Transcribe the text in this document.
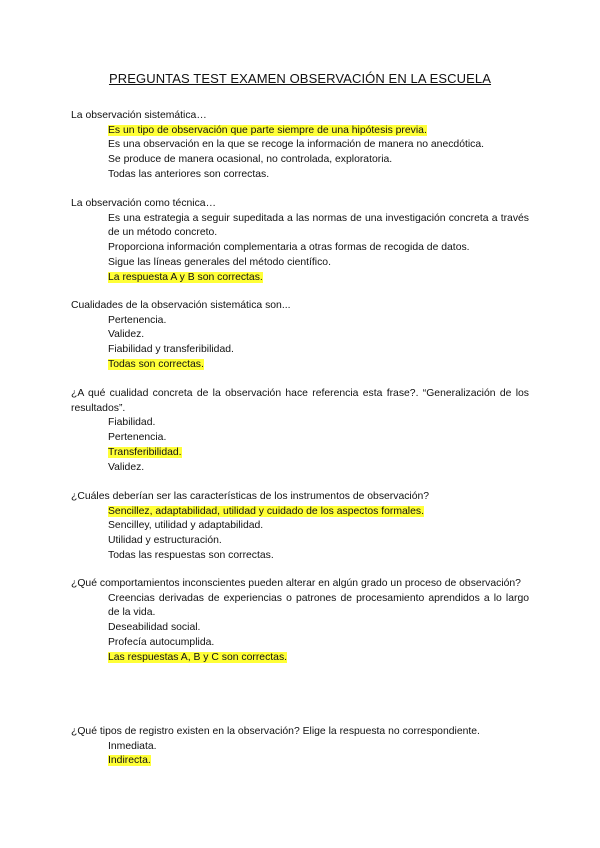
PREGUNTAS TEST EXAMEN OBSERVACIÓN EN LA ESCUELA

La observación sistemática…

Es un tipo de observación que parte siempre de una hipótesis previa.

Es una observación en la que se recoge la información de manera no anecdótica.

Se produce de manera ocasional, no controlada, exploratoria.

Todas las anteriores son correctas.

La observación como técnica…

Es una estrategia a seguir supeditada a las normas de una investigación concreta a través de un método concreto.

Proporciona información complementaria a otras formas de recogida de datos.

Sigue las líneas generales del método científico.

La respuesta A y B son correctas.

Cualidades de la observación sistemática son...

Pertenencia.

Validez.

Fiabilidad y transferibilidad.

Todas son correctas.

¿A qué cualidad concreta de la observación hace referencia esta frase?. “Generalización de los resultados”.

Fiabilidad.

Pertenencia.

Transferibilidad.

Validez.

¿Cuáles deberían ser las características de los instrumentos de observación?

Sencillez, adaptabilidad, utilidad y cuidado de los aspectos formales.

Sencilley, utilidad y adaptabilidad.

Utilidad y estructuración.

Todas las respuestas son correctas.

¿Qué comportamientos inconscientes pueden alterar en algún grado un proceso de observación?

Creencias derivadas de experiencias o patrones de procesamiento aprendidos a lo largo de la vida.

Deseabilidad social.

Profecía autocumplida.

Las respuestas A, B y C son correctas.

¿Qué tipos de registro existen en la observación? Elige la respuesta no correspondiente.

Inmediata.

Indirecta.
